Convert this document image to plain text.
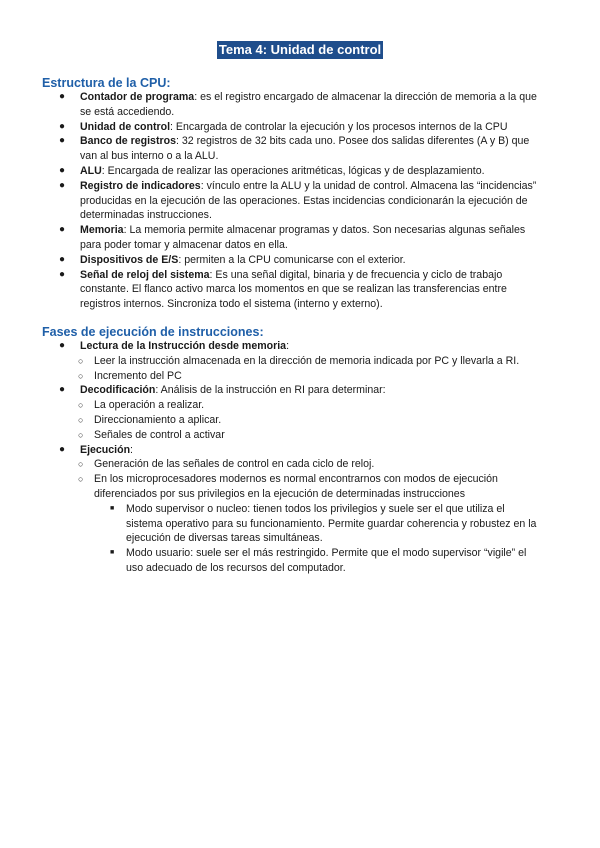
Tema 4: Unidad de control
Estructura de la CPU:
● Contador de programa: es el registro encargado de almacenar la dirección de memoria a la que se está accediendo.
● Unidad de control: Encargada de controlar la ejecución y los procesos internos de la CPU
● Banco de registros: 32 registros de 32 bits cada uno. Posee dos salidas diferentes (A y B) que van al bus interno o a la ALU.
● ALU: Encargada de realizar las operaciones aritméticas, lógicas y de desplazamiento.
● Registro de indicadores: vínculo entre la ALU y la unidad de control. Almacena las “incidencias” producidas en la ejecución de las operaciones. Estas incidencias condicionarán la ejecución de determinadas instrucciones.
● Memoria: La memoria permite almacenar programas y datos. Son necesarias algunas señales para poder tomar y almacenar datos en ella.
● Dispositivos de E/S: permiten a la CPU comunicarse con el exterior.
● Señal de reloj del sistema: Es una señal digital, binaria y de frecuencia y ciclo de trabajo constante. El flanco activo marca los momentos en que se realizan las transferencias entre registros internos. Sincroniza todo el sistema (interno y externo).
Fases de ejecución de instrucciones:
● Lectura de la Instrucción desde memoria:
○ Leer la instrucción almacenada en la dirección de memoria indicada por PC y llevarla a RI.
○ Incremento del PC
● Decodificación: Análisis de la instrucción en RI para determinar:
○ La operación a realizar.
○ Direccionamiento a aplicar.
○ Señales de control a activar
● Ejecución:
○ Generación de las señales de control en cada ciclo de reloj.
○ En los microprocesadores modernos es normal encontrarnos con modos de ejecución diferenciados por sus privilegios en la ejecución de determinadas instrucciones
■ Modo supervisor o nucleo: tienen todos los privilegios y suele ser el que utiliza el sistema operativo para su funcionamiento. Permite guardar coherencia y robustez en la ejecución de diversas tareas simultáneas.
■ Modo usuario: suele ser el más restringido. Permite que el modo supervisor “vigile” el uso adecuado de los recursos del computador.
